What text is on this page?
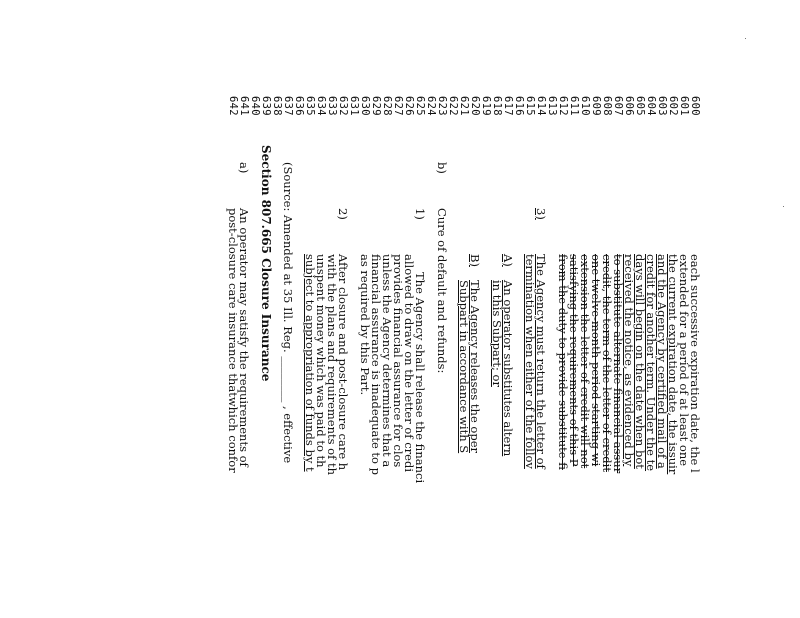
600
each successive expiration date, the l
601
extended for a period of at least one
602
the current expiration date, the issuir
603
and the Agency by certified mail of a
604
credit for another term. Under the te
605
days will begin on the date when bot
606
received the notice, as evidenced by
607
to substitute alternate financial assur
608
credit, the term of the letter of credit
609
one twelve-month period starting wi
610
extension the letter of credit will not
611
satisfying the requirements of this P
612
from the duty to provide substitute fi
613
614
3)
The Agency must return the letter of
615
termination when either of the follov
616
617
A)
An operator substitutes altern
618
in this Subpart; or
619
620
B)
The Agency releases the oper
621
Subpart in accordance with S
622
623
b)
Cure of default and refunds:
624
625
1)
The Agency shall release the financi
626
allowed to draw on the letter of credi
627
provides financial assurance for clos
628
unless the Agency determines that a
629
financial assurance is inadequate to p
630
as required by this Part.
631
632
2)
After closure and post-closure care h
633
with the plans and requirements of th
634
unspent money which was paid to th
635
subject to appropriation of funds by t
636
637
(Source: Amended at 35 Ill. Reg. ________ , effective
638
639
Section 807.665 Closure Insurance
640
641
a)
An operator may satisfy the requirements of
642
post-closure care insurance thatwhich confor
